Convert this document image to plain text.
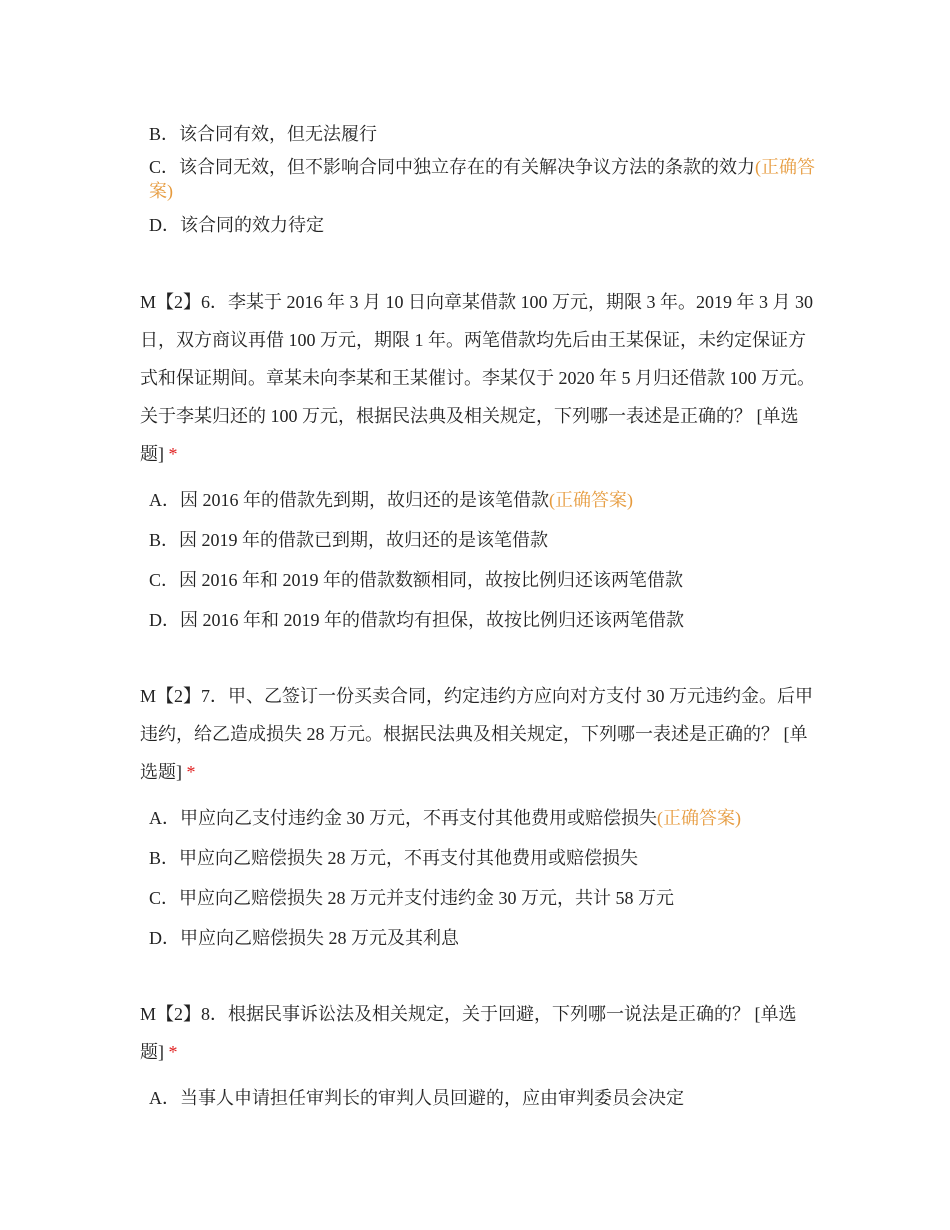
B．该合同有效，但无法履行
C．该合同无效，但不影响合同中独立存在的有关解决争议方法的条款的效力(正确答案)
D．该合同的效力待定
M【2】6．李某于 2016 年 3 月 10 日向章某借款 100 万元，期限 3 年。2019 年 3 月 30 日，双方商议再借 100 万元，期限 1 年。两笔借款均先后由王某保证，未约定保证方式和保证期间。章某未向李某和王某催讨。李某仅于 2020 年 5 月归还借款 100 万元。关于李某归还的 100 万元，根据民法典及相关规定，下列哪一表述是正确的？ [单选题] *
A．因 2016 年的借款先到期，故归还的是该笔借款(正确答案)
B．因 2019 年的借款已到期，故归还的是该笔借款
C．因 2016 年和 2019 年的借款数额相同，故按比例归还该两笔借款
D．因 2016 年和 2019 年的借款均有担保，故按比例归还该两笔借款
M【2】7．甲、乙签订一份买卖合同，约定违约方应向对方支付 30 万元违约金。后甲违约，给乙造成损失 28 万元。根据民法典及相关规定，下列哪一表述是正确的？ [单选题] *
A．甲应向乙支付违约金 30 万元，不再支付其他费用或赔偿损失(正确答案)
B．甲应向乙赔偿损失 28 万元，不再支付其他费用或赔偿损失
C．甲应向乙赔偿损失 28 万元并支付违约金 30 万元，共计 58 万元
D．甲应向乙赔偿损失 28 万元及其利息
M【2】8．根据民事诉讼法及相关规定，关于回避，下列哪一说法是正确的？ [单选题] *
A．当事人申请担任审判长的审判人员回避的，应由审判委员会决定
